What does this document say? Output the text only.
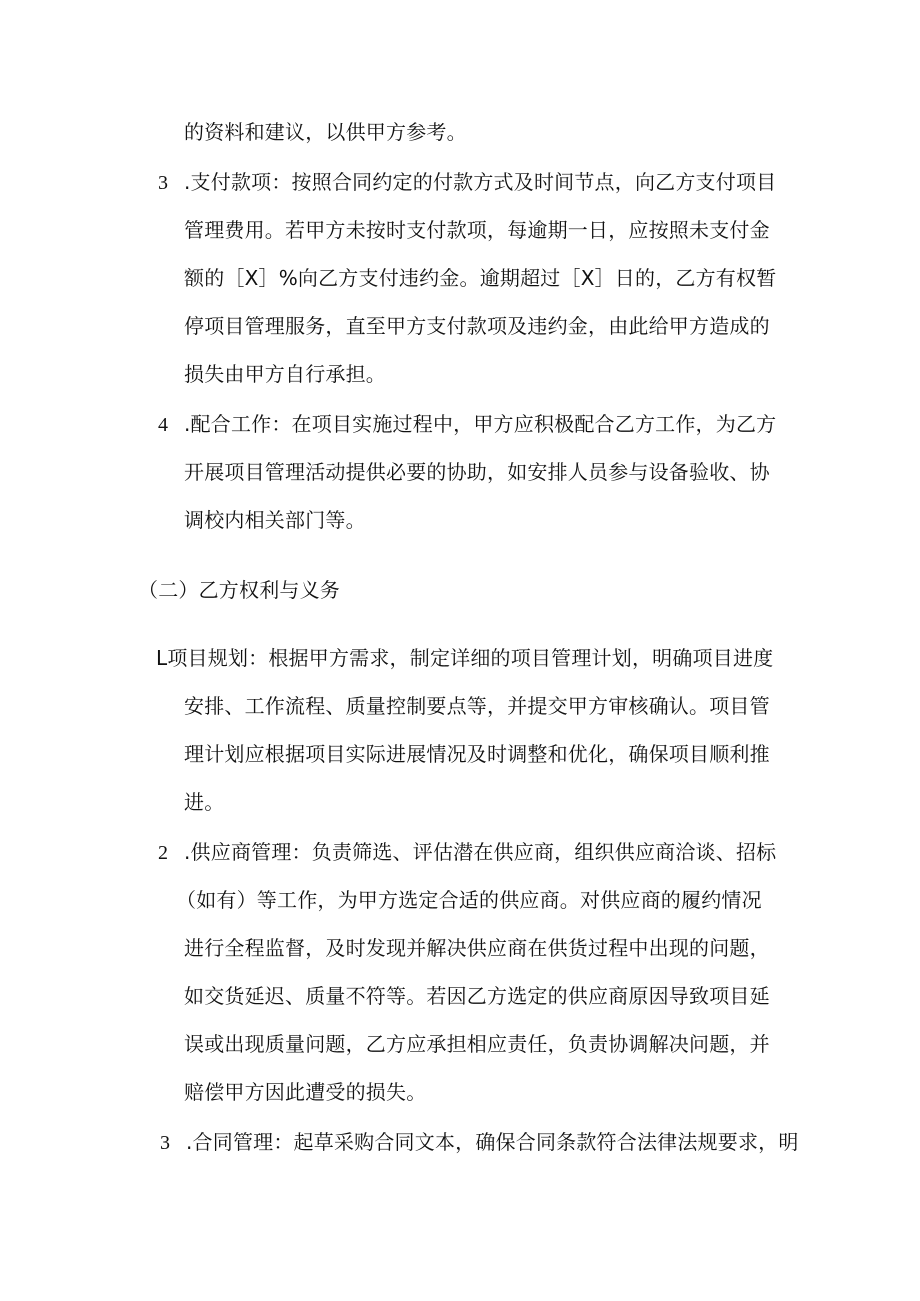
的资料和建议，以供甲方参考。
3 .支付款项：按照合同约定的付款方式及时间节点，向乙方支付项目
管理费用。若甲方未按时支付款项，每逾期一日，应按照未支付金
额的［X］%向乙方支付违约金。逾期超过［X］日的，乙方有权暂
停项目管理服务，直至甲方支付款项及违约金，由此给甲方造成的
损失由甲方自行承担。
4 .配合工作：在项目实施过程中，甲方应积极配合乙方工作，为乙方
开展项目管理活动提供必要的协助，如安排人员参与设备验收、协
调校内相关部门等。
（二）乙方权利与义务
L项目规划：根据甲方需求，制定详细的项目管理计划，明确项目进度
安排、工作流程、质量控制要点等，并提交甲方审核确认。项目管
理计划应根据项目实际进展情况及时调整和优化，确保项目顺利推
进。
2 .供应商管理：负责筛选、评估潜在供应商，组织供应商洽谈、招标
（如有）等工作，为甲方选定合适的供应商。对供应商的履约情况
进行全程监督，及时发现并解决供应商在供货过程中出现的问题，
如交货延迟、质量不符等。若因乙方选定的供应商原因导致项目延
误或出现质量问题，乙方应承担相应责任，负责协调解决问题，并
赔偿甲方因此遭受的损失。
3 .合同管理：起草采购合同文本，确保合同条款符合法律法规要求，明
